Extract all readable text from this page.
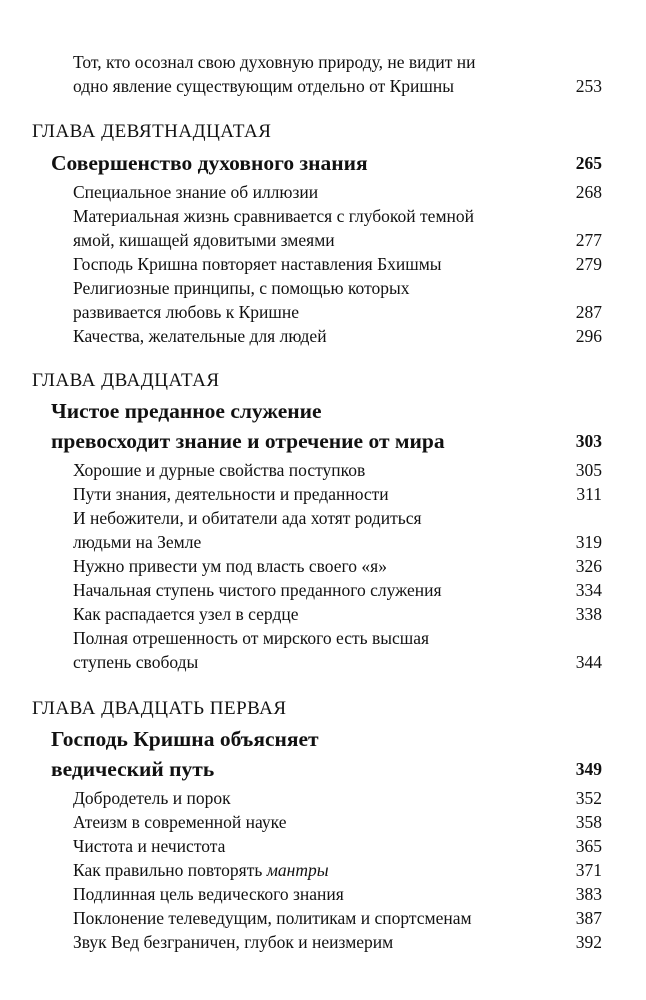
Тот, кто осознал свою духовную природу, не видит ни
одно явление существующим отдельно от Кришны	253
ГЛАВА ДЕВЯТНАДЦАТАЯ
Совершенство духовного знания	265
Специальное знание об иллюзии	268
Материальная жизнь сравнивается с глубокой темной
ямой, кишащей ядовитыми змеями	277
Господь Кришна повторяет наставления Бхишмы	279
Религиозные принципы, с помощью которых
развивается любовь к Кришне	287
Качества, желательные для людей	296
ГЛАВА ДВАДЦАТАЯ
Чистое преданное служение
превосходит знание и отречение от мира	303
Хорошие и дурные свойства поступков	305
Пути знания, деятельности и преданности	311
И небожители, и обитатели ада хотят родиться
людьми на Земле	319
Нужно привести ум под власть своего «я»	326
Начальная ступень чистого преданного служения	334
Как распадается узел в сердце	338
Полная отрешенность от мирского есть высшая
ступень свободы	344
ГЛАВА ДВАДЦАТЬ ПЕРВАЯ
Господь Кришна объясняет
ведический путь	349
Добродетель и порок	352
Атеизм в современной науке	358
Чистота и нечистота	365
Как правильно повторять мантры	371
Подлинная цель ведического знания	383
Поклонение телеведущим, политикам и спортсменам	387
Звук Вед безграничен, глубок и неизмерим	392
